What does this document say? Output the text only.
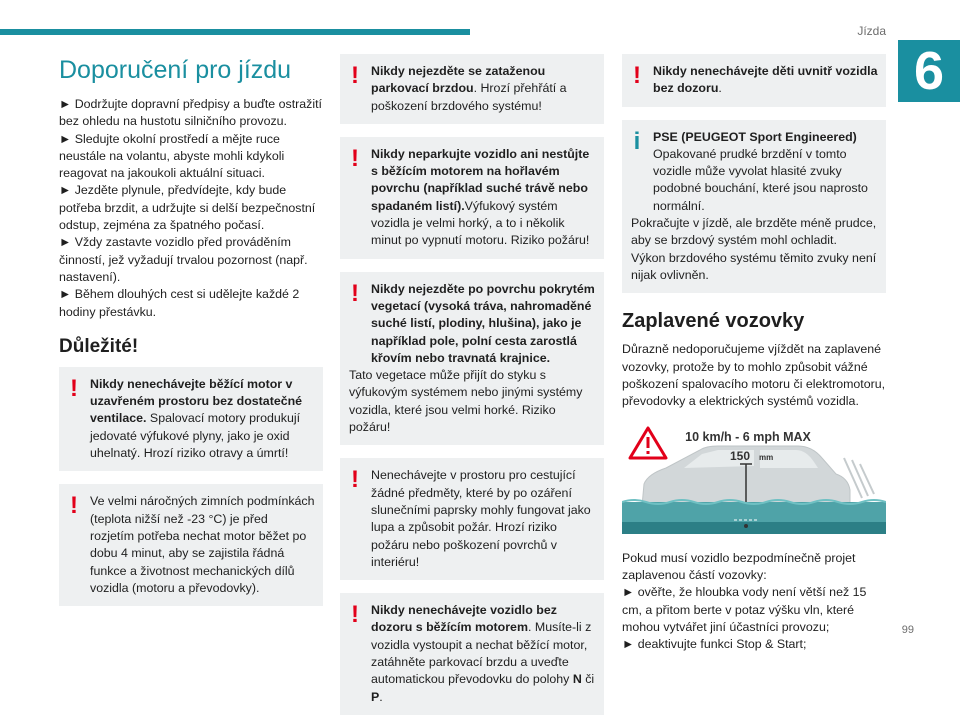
Jízda
6
99
Doporučení pro jízdu

► Dodržujte dopravní předpisy a buďte ostražití bez ohledu na hustotu silničního provozu.

► Sledujte okolní prostředí a mějte ruce neustále na volantu, abyste mohli kdykoli reagovat na jakoukoli aktuální situaci.

► Jezděte plynule, předvídejte, kdy bude potřeba brzdit, a udržujte si delší bezpečnostní odstup, zejména za špatného počasí.

► Vždy zastavte vozidlo před prováděním činností, jež vyžadují trvalou pozornost (např. nastavení).

► Během dlouhých cest si udělejte každé 2 hodiny přestávku.

Důležité!
! Nikdy nenechávejte běžící motor v uzavřeném prostoru bez dostatečné ventilace. Spalovací motory produkují jedovaté výfukové plyny, jako je oxid uhelnatý. Hrozí riziko otravy a úmrtí!

! Ve velmi náročných zimních podmínkách (teplota nižší než -23 °C) je před rozjetím potřeba nechat motor běžet po dobu 4 minut, aby se zajistila řádná funkce a životnost mechanických dílů vozidla (motoru a převodovky).

! Nikdy nejezděte se zataženou parkovací brzdou. Hrozí přehřátí a poškození brzdového systému!

! Nikdy neparkujte vozidlo ani nestůjte s běžícím motorem na hořlavém povrchu (například suché trávě nebo spadaném listí).Výfukový systém vozidla je velmi horký, a to i několik minut po vypnutí motoru. Riziko požáru!

! Nikdy nejezděte po povrchu pokrytém vegetací (vysoká tráva, nahromaděné suché listí, plodiny, hlušina), jako je například pole, polní cesta zarostlá křovím nebo travnatá krajnice.

Tato vegetace může přijít do styku s výfukovým systémem nebo jinými systémy vozidla, které jsou velmi horké. Riziko požáru!

! Nenechávejte v prostoru pro cestující žádné předměty, které by po ozáření slunečními paprsky mohly fungovat jako lupa a způsobit požár. Hrozí riziko požáru nebo poškození povrchů v interiéru!

! Nikdy nenechávejte vozidlo bez dozoru s běžícím motorem. Musíte-li z vozidla vystoupit a nechat běžící motor, zatáhněte parkovací brzdu a uveďte automatickou převodovku do polohy N či P.

! Nikdy nenechávejte děti uvnitř vozidla bez dozoru.

i	PSE (PEUGEOT Sport Engineered)

Opakované prudké brzdění v tomto vozidle může vyvolat hlasité zvuky podobné bouchání, které jsou naprosto normální.

Pokračujte v jízdě, ale brzděte méně prudce, aby se brzdový systém mohl ochladit.

Výkon brzdového systému těmito zvuky není nijak ovlivněn.

Zaplavené vozovky

Důrazně nedoporučujeme vjíždět na zaplavené vozovky, protože by to mohlo způsobit vážné poškození spalovacího motoru či elektromotoru, převodovky a elektrických systémů vozidla.

10 km/h - 6 mph MAX
150 mm

Pokud musí vozidlo bezpodmínečně projet zaplavenou částí vozovky:

► ověřte, že hloubka vody není větší než 15 cm, a přitom berte v potaz výšku vln, které mohou vytvářet jiní účastníci provozu;

► deaktivujte funkci Stop & Start;
